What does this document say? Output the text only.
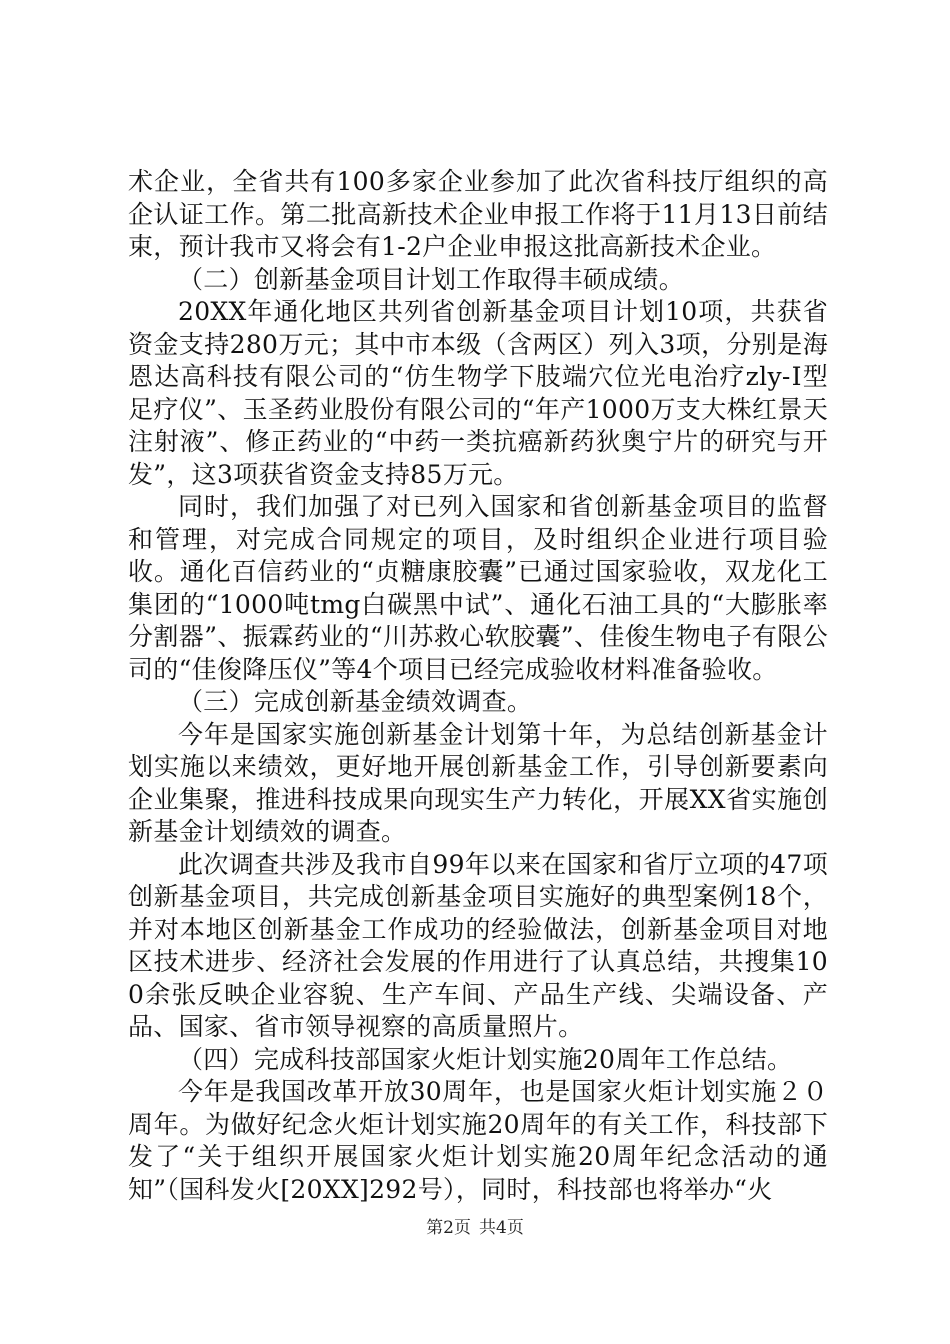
术企业，全省共有100多家企业参加了此次省科技厅组织的高企认证工作。第二批高新技术企业申报工作将于11月13日前结束，预计我市又将会有1-2户企业申报这批高新技术企业。

（二）创新基金项目计划工作取得丰硕成绩。

20XX年通化地区共列省创新基金项目计划10项，共获省资金支持280万元；其中市本级（含两区）列入3项，分别是海恩达高科技有限公司的“仿生物学下肢端穴位光电治疗zly-Ⅰ型足疗仪”、玉圣药业股份有限公司的“年产1000万支大株红景天注射液”、修正药业的“中药一类抗癌新药狄奥宁片的研究与开发”，这3项获省资金支持85万元。

同时，我们加强了对已列入国家和省创新基金项目的监督和管理，对完成合同规定的项目，及时组织企业进行项目验收。通化百信药业的“贞糖康胶囊”已通过国家验收，双龙化工集团的“1000吨tmg白碳黑中试”、通化石油工具的“大膨胀率分割器”、振霖药业的“川苏救心软胶囊”、佳俊生物电子有限公司的“佳俊降压仪”等4个项目已经完成验收材料准备验收。

（三）完成创新基金绩效调查。

今年是国家实施创新基金计划第十年，为总结创新基金计划实施以来绩效，更好地开展创新基金工作，引导创新要素向企业集聚，推进科技成果向现实生产力转化，开展XX省实施创新基金计划绩效的调查。

此次调查共涉及我市自99年以来在国家和省厅立项的47项创新基金项目，共完成创新基金项目实施好的典型案例18个，并对本地区创新基金工作成功的经验做法，创新基金项目对地区技术进步、经济社会发展的作用进行了认真总结，共搜集100余张反映企业容貌、生产车间、产品生产线、尖端设备、产品、国家、省市领导视察的高质量照片。

（四）完成科技部国家火炬计划实施20周年工作总结。

今年是我国改革开放30周年，也是国家火炬计划实施２０周年。为做好纪念火炬计划实施20周年的有关工作，科技部下发了“关于组织开展国家火炬计划实施20周年纪念活动的通知”（国科发火[20XX]292号），同时，科技部也将举办“火

第2页 共4页
